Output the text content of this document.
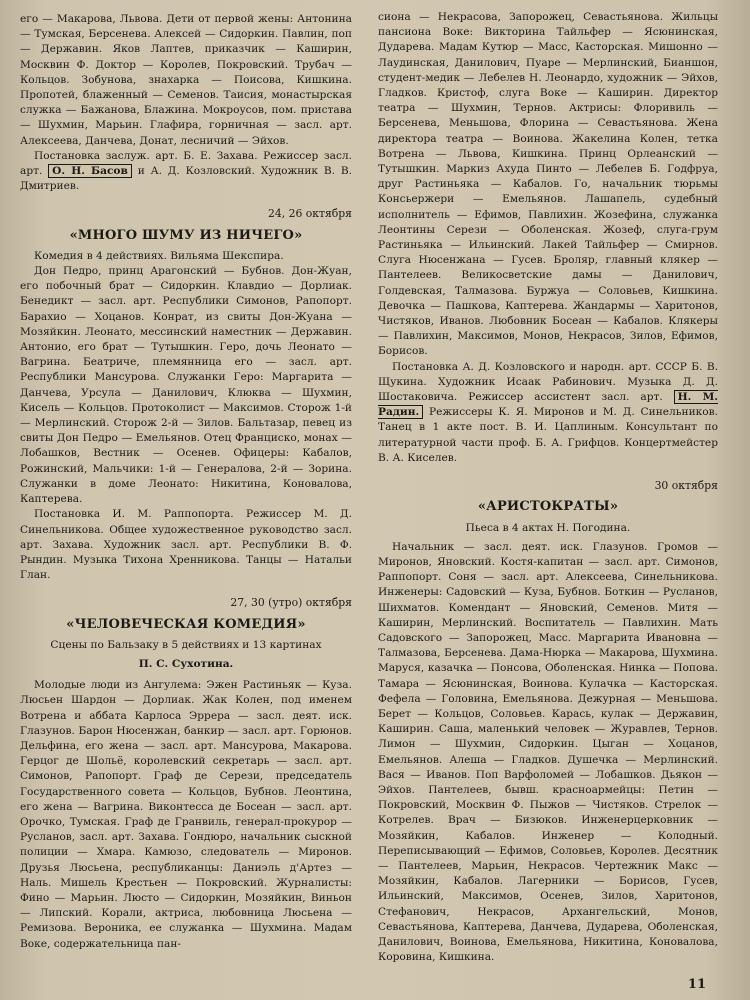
его — Макарова, Львова. Дети от первой жены: Антонина — Тумская, Берсенева. Алексей — Сидоркин. Павлин, поп — Державин. Яков Лаптев, приказчик — Каширин, Москвин Ф. Доктор — Королев, Покровский. Трубач — Кольцов. Зобунова, знахарка — Поисова, Кишкина. Пропотей, блаженный — Семенов. Таисия, монастырская служка — Бажанова, Блажина. Мокроусов, пом. пристава — Шухмин, Марьин. Глафира, горничная — засл. арт. Алексеева, Данчева, Донат, лесничий — Эйхов.

Постановка заслуж. арт. Б. Е. Захава. Режиссер засл. арт. О. Н. Басов и А. Д. Козловский. Художник В. В. Дмитриев.

24, 26 октября
«МНОГО ШУМУ ИЗ НИЧЕГО»

Комедия в 4 действиях. Вильяма Шекспира.

Дон Педро, принц Арагонский — Бубнов. Дон-Жуан, его побочный брат — Сидоркин. Клавдио — Дорлиак. Бенедикт — засл. арт. Республики Симонов, Рапопорт. Барахио — Хоцанов. Конрат, из свиты Дон-Жуана — Мозяйкин. Леонато, мессинский наместник — Державин. Антонио, его брат — Тутышкин. Геро, дочь Леонато — Вагрина. Беатриче, племянница его — засл. арт. Республики Мансурова. Служанки Геро: Маргарита — Данчева, Урсула — Данилович, Клюква — Шухмин, Кисель — Кольцов. Протоколист — Максимов. Сторож 1-й — Мерлинский. Сторож 2-й — Зилов. Бальтазар, певец из свиты Дон Педро — Емельянов. Отец Франциско, монах — Лобашков, Вестник — Осенев. Офицеры: Кабалов, Рожинский, Мальчики: 1-й — Генералова, 2-й — Зорина. Служанки в доме Леонато: Никитина, Коновалова, Каптерева.

Постановка И. М. Раппопорта. Режиссер М. Д. Синельникова. Общее художественное руководство засл. арт. Захава. Художник засл. арт. Республики В. Ф. Рындин. Музыка Тихона Хренникова. Танцы — Натальи Глан.

27, 30 (утро) октября
«ЧЕЛОВЕЧЕСКАЯ КОМЕДИЯ»
Сцены по Бальзаку в 5 действиях и 13 картинах
П. С. Сухотина.

Молодые люди из Ангулема: Эжен Растиньяк — Кузa. Люсьен Шардон — Дорлиак. Жак Колен, под именем Вотрена и аббата Карлоса Эррера — засл. деят. иск. Глазунов. Барон Нюсенжан, банкир — засл. арт. Горюнов. Дельфина, его жена — засл. арт. Мансурова, Макарова. Герцог де Шольё, королевский секретарь — засл. арт. Симонов, Рапопорт. Граф де Серези, председатель Государственного совета — Кольцов, Бубнов. Леонтина, его жена — Вагрина. Виконтесса де Босеан — засл. арт. Орочко, Тумская. Граф де Гранвиль, генерал-прокурор — Русланов, засл. арт. Захава. Гондюро, начальник сыскной полиции — Хмара. Камюзо, следователь — Миронов. Друзья Люсьена, республиканцы: Даниэль д'Артез — Наль. Мишель Крестьен — Покровский. Журналисты: Фино — Марьин. Люсто — Сидоркин, Мозяйкин, Виньон — Липский. Корали, актриса, любовница Люсьена — Ремизова. Вероника, ее служанка — Шухмина. Мадам Воке, содержательница пан-

сиона — Некрасова, Запорожец, Севастьянова. Жильцы пансиона Воке: Викторина Тайльфер — Ясюнинская, Дударева. Мадам Кутюр — Масс, Касторская. Мишонно — Лаудинская, Данилович, Пуаре — Мерлинский, Бианшон, студент-медик — Лебелев Н. Леонардо, художник — Эйхов, Гладков. Кристоф, слуга Воке — Каширин. Директор театра — Шухмин, Тернов. Актрисы: Флоривиль — Берсенева, Меньшова, Флорина — Севастьянова. Жена директора театра — Воинова. Жакелина Колен, тетка Вотрена — Львова, Кишкина. Принц Орлеанский — Тутышкин. Маркиз Ахуда Пинто — Лебелев Б. Годфруа, друг Растиньяка — Кабалов. Го, начальник тюрьмы Консьержери — Емельянов. Лашапель, судебный исполнитель — Ефимов, Павлихин. Жозефина, служанка Леонтины Серези — Оболенская. Жозеф, слуга-грум Растиньяка — Ильинский. Лакей Тайльфер — Смирнов. Слуга Нюсенжана — Гусев. Броляр, главный клякер — Пантелеев. Великосветские дамы — Данилович, Голдевская, Талмазова. Буржуа — Соловьев, Кишкина. Девочка — Пашкова, Каптерева. Жандармы — Харитонов, Чистяков, Иванов. Любовник Босеан — Кабалов. Клякеры — Павлихин, Максимов, Монов, Некрасов, Зилов, Ефимов, Борисов.

Постановка А. Д. Козловского и народн. арт. СССР Б. В. Щукина. Художник Исаак Рабинович. Музыка Д. Д. Шостаковича. Режиссер ассистент засл. арт. Н. М. Радин. Режиссеры К. Я. Миронов и М. Д. Синельников. Танец в 1 акте пост. В. И. Цаплиным. Консультант по литературной части проф. Б. А. Грифцов. Концертмейстер В. А. Киселев.

30 октября
«АРИСТОКРАТЫ»
Пьеса в 4 актах Н. Погодина.

Начальник — засл. деят. иск. Глазунов. Громов — Миронов, Яновский. Костя-капитан — засл. арт. Симонов, Раппопорт. Соня — засл. арт. Алексеева, Синельникова. Инженеры: Садовский — Куза, Бубнов. Боткин — Русланов, Шихматов. Комендант — Яновский, Семенов. Митя — Каширин, Мерлинский. Воспитатель — Павлихин. Мать Садовского — Запорожец, Масс. Маргарита Ивановна — Талмазова, Берсенева. Дама-Нюрка — Макарова, Шухмина. Маруся, казачка — Понсова, Оболенская. Нинка — Попова. Тамара — Ясюнинская, Воинова. Кулачка — Касторская. Фефела — Головина, Емельянова. Дежурная — Меньшова. Берет — Кольцов, Соловьев. Карась, кулак — Державин, Каширин. Саша, маленький человек — Журавлев, Тернов. Лимон — Шухмин, Сидоркин. Цыган — Хоцанов, Емельянов. Алеша — Гладков. Душечка — Мерлинский. Вася — Иванов. Поп Варфоломей — Лобашков. Дьякон — Эйхов. Пантелеев, бывш. красноармейцы: Петин — Покровский, Москвин Ф. Пыжов — Чистяков. Стрелок — Котрелев. Врач — Бизюков. Инженерцерковник — Мозяйкин, Кабалов. Инженер — Колодный. Переписывающий — Ефимов, Соловьев, Королев. Десятник — Пантелеев, Марьин, Некрасов. Чертежник Макс — Мозяйкин, Кабалов. Лагерники — Борисов, Гусев, Ильинский, Максимов, Осенев, Зилов, Харитонов, Стефанович, Некрасов, Архангельский, Монов, Севастьянова, Каптерева, Данчева, Дударева, Оболенская, Данилович, Воинова, Емельянова, Никитина, Коновалова, Коровина, Кишкина.

11
